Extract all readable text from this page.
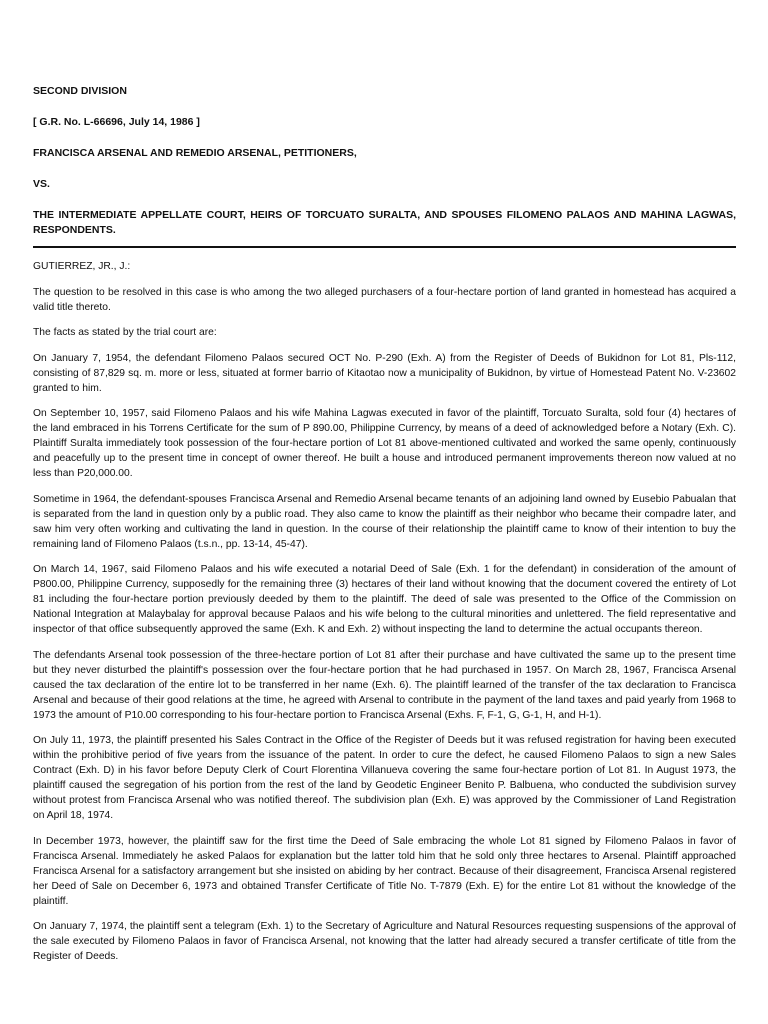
SECOND DIVISION
[ G.R. No. L-66696, July 14, 1986 ]
FRANCISCA ARSENAL AND REMEDIO ARSENAL, PETITIONERS,
VS.
THE INTERMEDIATE APPELLATE COURT, HEIRS OF TORCUATO SURALTA, AND SPOUSES FILOMENO PALAOS AND MAHINA LAGWAS, RESPONDENTS.
GUTIERREZ, JR., J.:
The question to be resolved in this case is who among the two alleged purchasers of a four-hectare portion of land granted in homestead has acquired a valid title thereto.
The facts as stated by the trial court are:
On January 7, 1954, the defendant Filomeno Palaos secured OCT No. P-290 (Exh. A) from the Register of Deeds of Bukidnon for Lot 81, Pls-112, consisting of 87,829 sq. m. more or less, situated at former barrio of Kitaotao now a municipality of Bukidnon, by virtue of Homestead Patent No. V-23602 granted to him.
On September 10, 1957, said Filomeno Palaos and his wife Mahina Lagwas executed in favor of the plaintiff, Torcuato Suralta, sold four (4) hectares of the land embraced in his Torrens Certificate for the sum of P 890.00, Philippine Currency, by means of a deed of acknowledged before a Notary (Exh. C). Plaintiff Suralta immediately took possession of the four-hectare portion of Lot 81 above-mentioned cultivated and worked the same openly, continuously and peacefully up to the present time in concept of owner thereof. He built a house and introduced permanent improvements thereon now valued at no less than P20,000.00.
Sometime in 1964, the defendant-spouses Francisca Arsenal and Remedio Arsenal became tenants of an adjoining land owned by Eusebio Pabualan that is separated from the land in question only by a public road. They also came to know the plaintiff as their neighbor who became their compadre later, and saw him very often working and cultivating the land in question. In the course of their relationship the plaintiff came to know of their intention to buy the remaining land of Filomeno Palaos (t.s.n., pp. 13-14, 45-47).
On March 14, 1967, said Filomeno Palaos and his wife executed a notarial Deed of Sale (Exh. 1 for the defendant) in consideration of the amount of P800.00, Philippine Currency, supposedly for the remaining three (3) hectares of their land without knowing that the document covered the entirety of Lot 81 including the four-hectare portion previously deeded by them to the plaintiff. The deed of sale was presented to the Office of the Commission on National Integration at Malaybalay for approval because Palaos and his wife belong to the cultural minorities and unlettered. The field representative and inspector of that office subsequently approved the same (Exh. K and Exh. 2) without inspecting the land to determine the actual occupants thereon.
The defendants Arsenal took possession of the three-hectare portion of Lot 81 after their purchase and have cultivated the same up to the present time but they never disturbed the plaintiff's possession over the four-hectare portion that he had purchased in 1957. On March 28, 1967, Francisca Arsenal caused the tax declaration of the entire lot to be transferred in her name (Exh. 6). The plaintiff learned of the transfer of the tax declaration to Francisca Arsenal and because of their good relations at the time, he agreed with Arsenal to contribute in the payment of the land taxes and paid yearly from 1968 to 1973 the amount of P10.00 corresponding to his four-hectare portion to Francisca Arsenal (Exhs. F, F-1, G, G-1, H, and H-1).
On July 11, 1973, the plaintiff presented his Sales Contract in the Office of the Register of Deeds but it was refused registration for having been executed within the prohibitive period of five years from the issuance of the patent. In order to cure the defect, he caused Filomeno Palaos to sign a new Sales Contract (Exh. D) in his favor before Deputy Clerk of Court Florentina Villanueva covering the same four-hectare portion of Lot 81. In August 1973, the plaintiff caused the segregation of his portion from the rest of the land by Geodetic Engineer Benito P. Balbuena, who conducted the subdivision survey without protest from Francisca Arsenal who was notified thereof. The subdivision plan (Exh. E) was approved by the Commissioner of Land Registration on April 18, 1974.
In December 1973, however, the plaintiff saw for the first time the Deed of Sale embracing the whole Lot 81 signed by Filomeno Palaos in favor of Francisca Arsenal. Immediately he asked Palaos for explanation but the latter told him that he sold only three hectares to Arsenal. Plaintiff approached Francisca Arsenal for a satisfactory arrangement but she insisted on abiding by her contract. Because of their disagreement, Francisca Arsenal registered her Deed of Sale on December 6, 1973 and obtained Transfer Certificate of Title No. T-7879 (Exh. E) for the entire Lot 81 without the knowledge of the plaintiff.
On January 7, 1974, the plaintiff sent a telegram (Exh. 1) to the Secretary of Agriculture and Natural Resources requesting suspensions of the approval of the sale executed by Filomeno Palaos in favor of Francisca Arsenal, not knowing that the latter had already secured a transfer certificate of title from the Register of Deeds.
